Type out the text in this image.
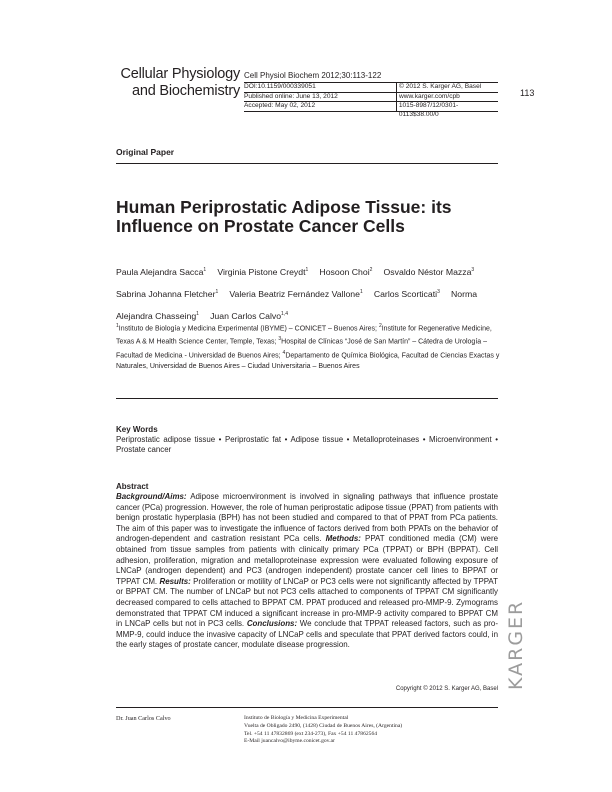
Cellular Physiology
and Biochemistry
Cell Physiol Biochem 2012;30:113-122
DOI:10.1159/000339051	© 2012 S. Karger AG, Basel
Published online: June 13, 2012	www.karger.com/cpb
Accepted: May 02, 2012	1015-8987/12/0301-0113$38.00/0
113
Original Paper
Human Periprostatic Adipose Tissue: its Influence on Prostate Cancer Cells
Paula Alejandra Sacca$^1$  Virginia Pistone Creydt$^1$  Hosoon Choi$^2$  Osvaldo Néstor Mazza$^3$  Sabrina Johanna Fletcher$^1$  Valeria Beatriz Fernández Vallone$^1$  Carlos Scorticati$^3$  Norma Alejandra Chasseing$^1$  Juan Carlos Calvo$^{1,4}$
$^1$Instituto de Biología y Medicina Experimental (IBYME) – CONICET – Buenos Aires; $^2$Institute for Regenerative Medicine, Texas A & M Health Science Center, Temple, Texas; $^3$Hospital de Clínicas “José de San Martín” – Cátedra de Urología – Facultad de Medicina - Universidad de Buenos Aires; $^4$Departamento de Química Biológica, Facultad de Ciencias Exactas y Naturales, Universidad de Buenos Aires – Ciudad Universitaria – Buenos Aires
Key Words
Periprostatic adipose tissue • Periprostatic fat • Adipose tissue • Metalloproteinases • Microenvironment • Prostate cancer
Abstract
Background/Aims: Adipose microenvironment is involved in signaling pathways that influence prostate cancer (PCa) progression. However, the role of human periprostatic adipose tissue (PPAT) from patients with benign prostatic hyperplasia (BPH) has not been studied and compared to that of PPAT from PCa patients. The aim of this paper was to investigate the influence of factors derived from both PPATs on the behavior of androgen-dependent and castration resistant PCa cells. Methods: PPAT conditioned media (CM) were obtained from tissue samples from patients with clinically primary PCa (TPPAT) or BPH (BPPAT). Cell adhesion, proliferation, migration and metalloproteinase expression were evaluated following exposure of LNCaP (androgen dependent) and PC3 (androgen independent) prostate cancer cell lines to BPPAT or TPPAT CM. Results: Proliferation or motility of LNCaP or PC3 cells were not significantly affected by TPPAT or BPPAT CM. The number of LNCaP but not PC3 cells attached to components of TPPAT CM significantly decreased compared to cells attached to BPPAT CM. PPAT produced and released pro-MMP-9. Zymograms demonstrated that TPPAT CM induced a significant increase in pro-MMP-9 activity compared to BPPAT CM in LNCaP cells but not in PC3 cells. Conclusions: We conclude that TPPAT released factors, such as pro-MMP-9, could induce the invasive capacity of LNCaP cells and speculate that PPAT derived factors could, in the early stages of prostate cancer, modulate disease progression.
Copyright © 2012 S. Karger AG, Basel
Dr. Juan Carlos Calvo	Instituto de Biología y Medicina Experimental
Vuelta de Obligado 2490, (1428) Ciudad de Buenos Aires, (Argentina)
Tel. +54 11 47832869 (ext 234-273), Fax +54 11 47862564
E-Mail juancalvo@ibyme.conicet.gov.ar
KARGER
